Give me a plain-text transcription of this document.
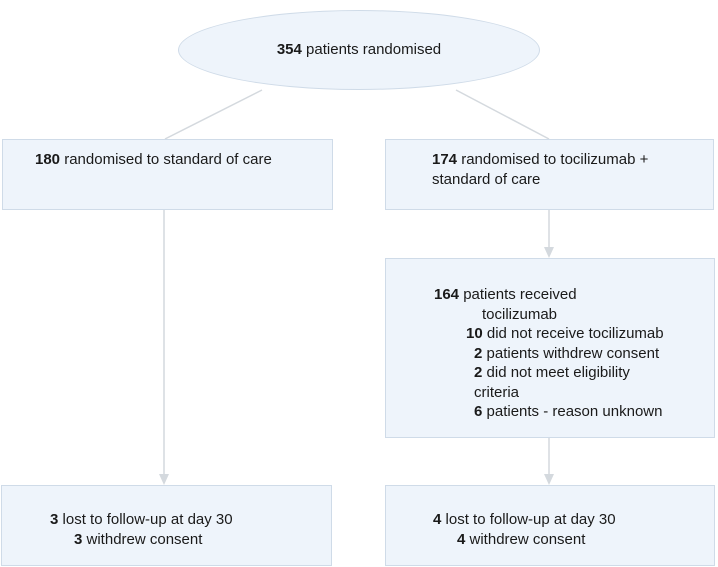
354 patients randomised
180 randomised to standard of care	174 randomised to tocilizumab + standard of care
164 patients received tocilizumab
10 did not receive tocilizumab
2 patients withdrew consent
2 did not meet eligibility criteria
6 patients - reason unknown
3 lost to follow-up at day 30
3 withdrew consent
4 lost to follow-up at day 30
4 withdrew consent
